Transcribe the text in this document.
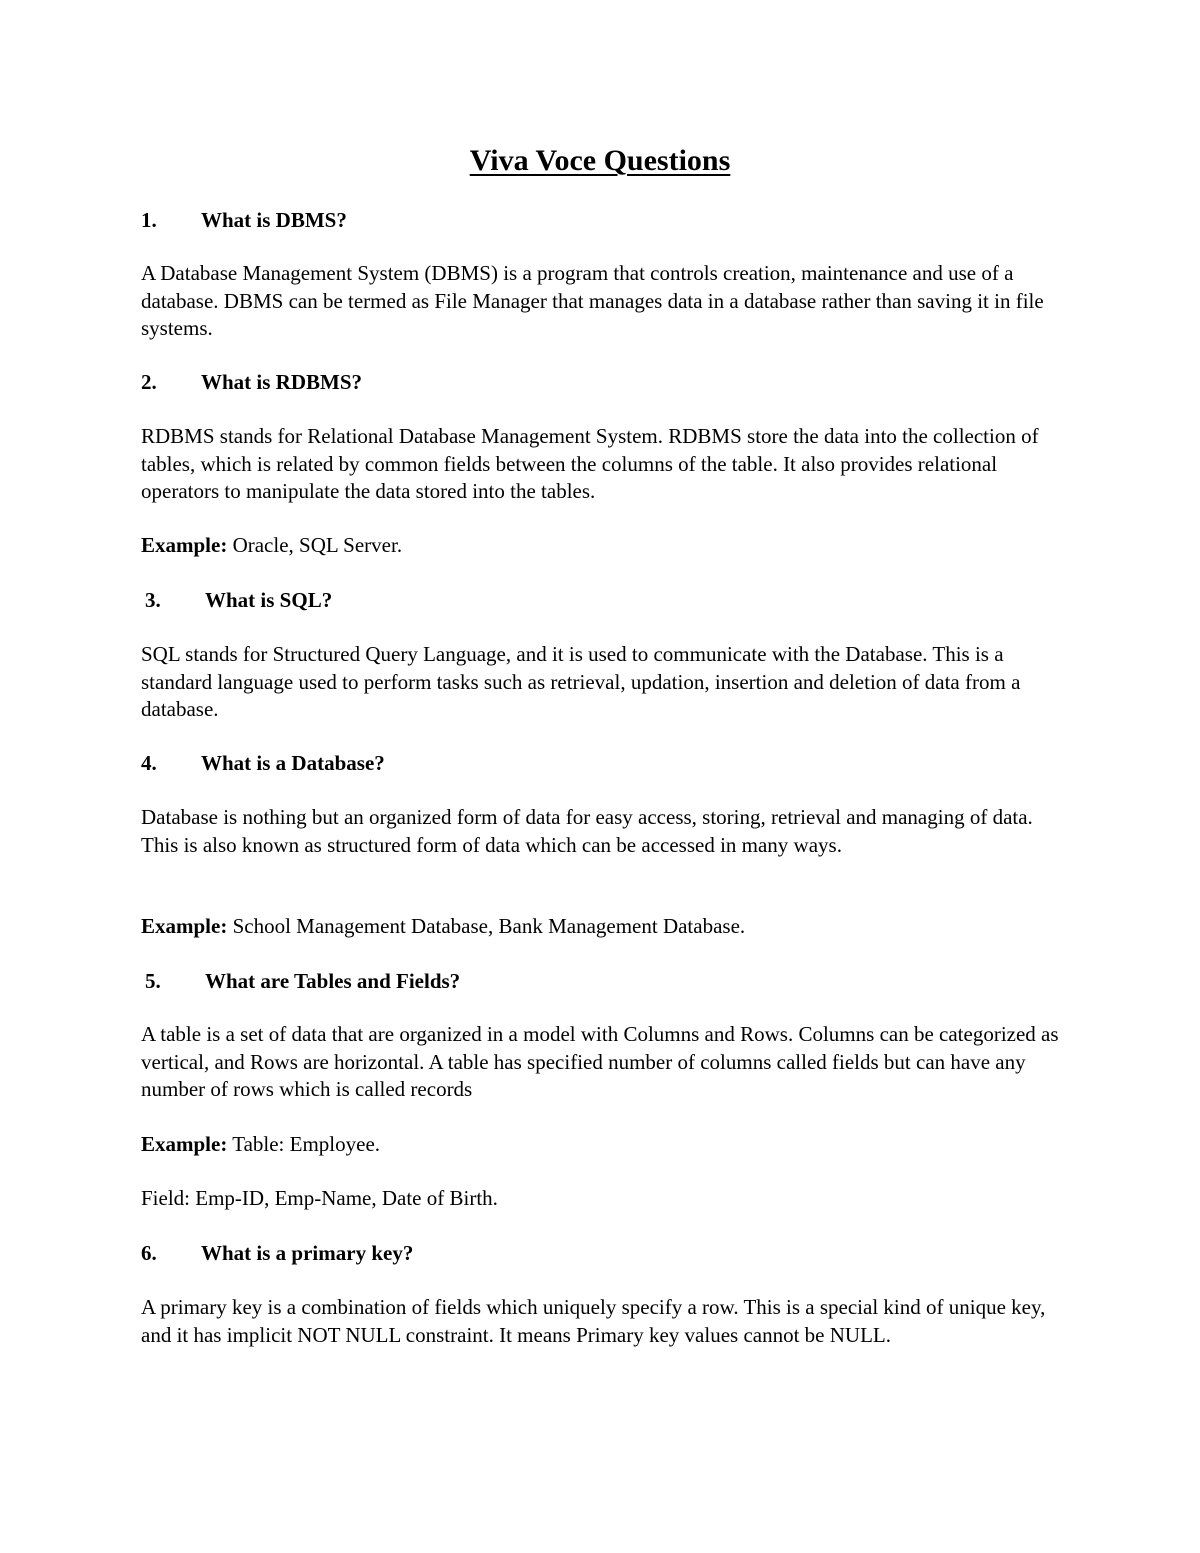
Viva Voce Questions
1. What is DBMS?

A Database Management System (DBMS) is a program that controls creation, maintenance and use of a database. DBMS can be termed as File Manager that manages data in a database rather than saving it in file systems.

2. What is RDBMS?

RDBMS stands for Relational Database Management System. RDBMS store the data into the collection of tables, which is related by common fields between the columns of the table. It also provides relational operators to manipulate the data stored into the tables.

Example: Oracle, SQL Server.
3. What is SQL?

SQL stands for Structured Query Language, and it is used to communicate with the Database. This is a standard language used to perform tasks such as retrieval, updation, insertion and deletion of data from a database.

4. What is a Database?

Database is nothing but an organized form of data for easy access, storing, retrieval and managing of data. This is also known as structured form of data which can be accessed in many ways.

Example: School Management Database, Bank Management Database.
5. What are Tables and Fields?

A table is a set of data that are organized in a model with Columns and Rows. Columns can be categorized as vertical, and Rows are horizontal. A table has specified number of columns called fields but can have any number of rows which is called records

Example: Table: Employee.
Field: Emp-ID, Emp-Name, Date of Birth.
6. What is a primary key?

A primary key is a combination of fields which uniquely specify a row. This is a special kind of unique key, and it has implicit NOT NULL constraint. It means Primary key values cannot be NULL.
